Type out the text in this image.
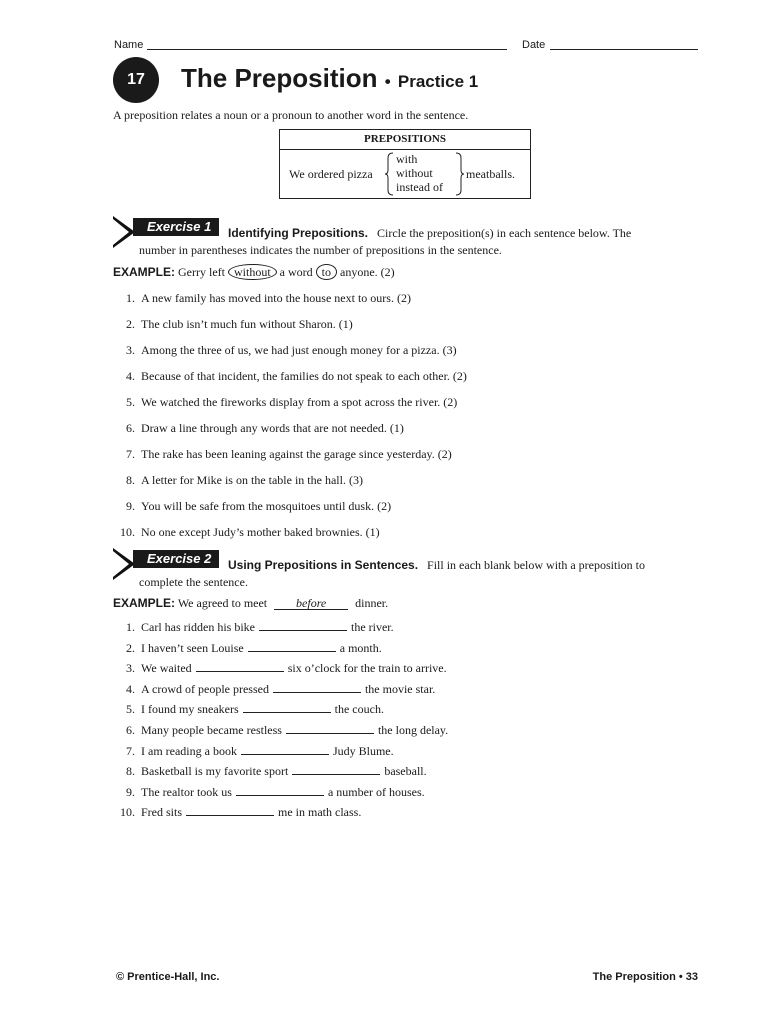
Name	Date
17	The Preposition • Practice 1
A preposition relates a noun or a pronoun to another word in the sentence.
PREPOSITIONS
We ordered pizza
with
without
instead of
meatballs.
Exercise 1	Identifying Prepositions. Circle the preposition(s) in each sentence below. The
number in parentheses indicates the number of prepositions in the sentence.
EXAMPLE: Gerry left without a word to anyone. (2)
1. A new family has moved into the house next to ours. (2)
2. The club isn’t much fun without Sharon. (1)
3. Among the three of us, we had just enough money for a pizza. (3)
4. Because of that incident, the families do not speak to each other. (2)
5. We watched the fireworks display from a spot across the river. (2)
6. Draw a line through any words that are not needed. (1)
7. The rake has been leaning against the garage since yesterday. (2)
8. A letter for Mike is on the table in the hall. (3)
9. You will be safe from the mosquitoes until dusk. (2)
10. No one except Judy’s mother baked brownies. (1)
Exercise 2	Using Prepositions in Sentences. Fill in each blank below with a preposition to
complete the sentence.
EXAMPLE: We agreed to meet before dinner.
1. Carl has ridden his bike	the river.
2. I haven’t seen Louise	a month.
3. We waited	six o’clock for the train to arrive.
4. A crowd of people pressed	the movie star.
5. I found my sneakers	the couch.
6. Many people became restless	the long delay.
7. I am reading a book	Judy Blume.
8. Basketball is my favorite sport	baseball.
9. The realtor took us	a number of houses.
10. Fred sits	me in math class.
© Prentice-Hall, Inc.	The Preposition • 33
